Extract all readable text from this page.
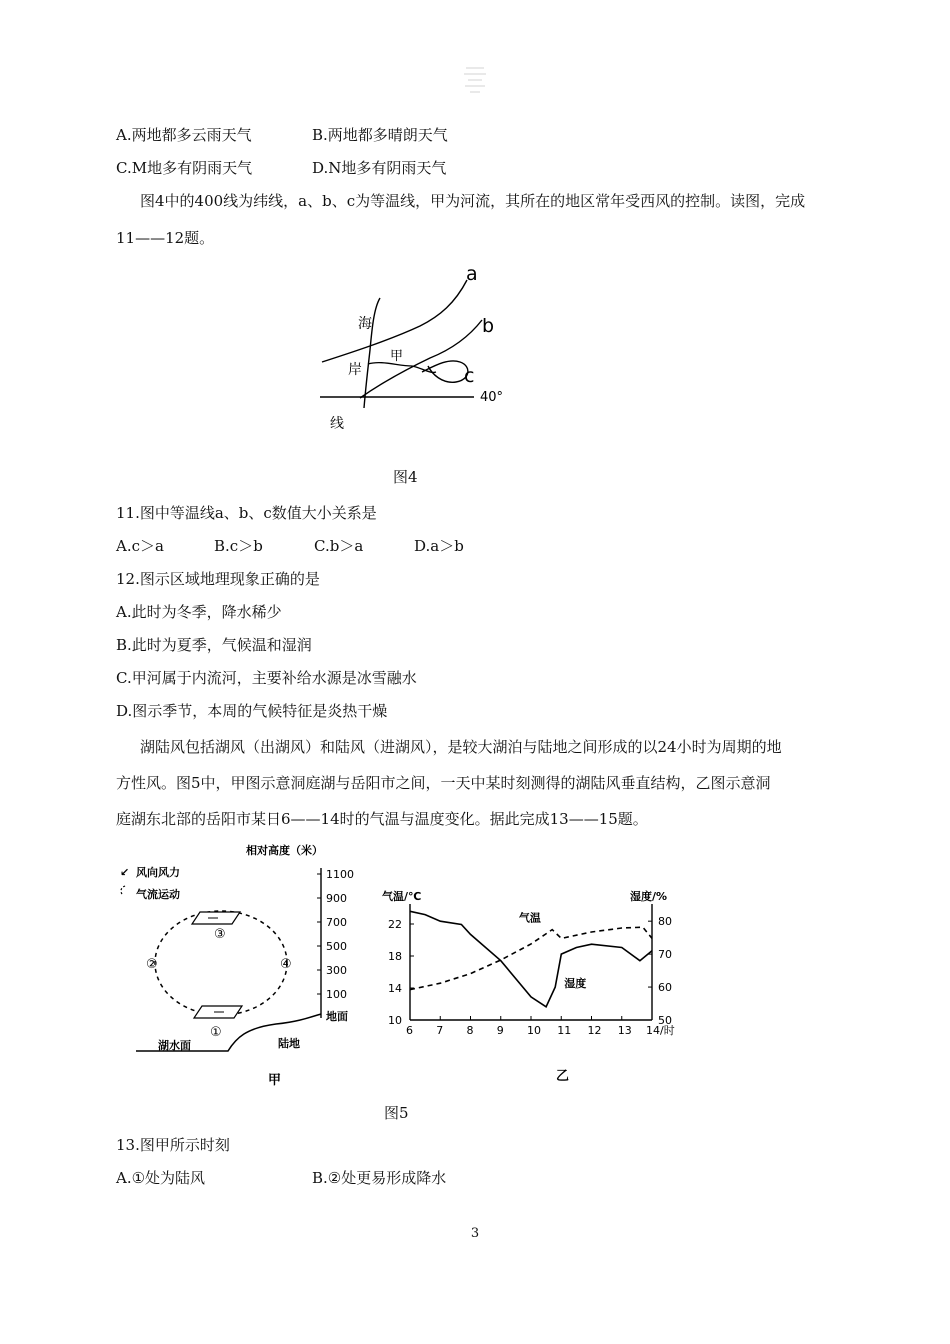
A.两地都多云雨天气	B.两地都多晴朗天气
C.M地多有阴雨天气	D.N地多有阴雨天气
图4中的400线为纬线，a、b、c为等温线，甲为河流，其所在的地区常年受西风的控制。读图，完成
11——12题。
a
b
c
40°
海
岸
线
甲
图4
11.图中等温线a、b、c数值大小关系是
A.c＞a	B.c＞b	C.b＞a	D.a＞b
12.图示区域地理现象正确的是
A.此时为冬季，降水稀少
B.此时为夏季，气候温和湿润
C.甲河属于内流河，主要补给水源是冰雪融水
D.图示季节，本周的气候特征是炎热干燥
湖陆风包括湖风（出湖风）和陆风（进湖风），是较大湖泊与陆地之间形成的以24小时为周期的地
方性风。图5中，甲图示意洞庭湖与岳阳市之间，一天中某时刻测得的湖陆风垂直结构，乙图示意洞
庭湖东北部的岳阳市某日6——14时的气温与温度变化。据此完成13——15题。
相对高度（米）
↙ 风向风力
气流运动
1100
900
700
500
300
100
地面
③
②	④
①
湖水面	陆地
甲
气温/℃	湿度/%
22
18
14
10
80
70
60
50
6 7 8 9 10 11 12 13 14/时
气温
湿度
乙
图5
13.图甲所示时刻
A.①处为陆风	B.②处更易形成降水
3
